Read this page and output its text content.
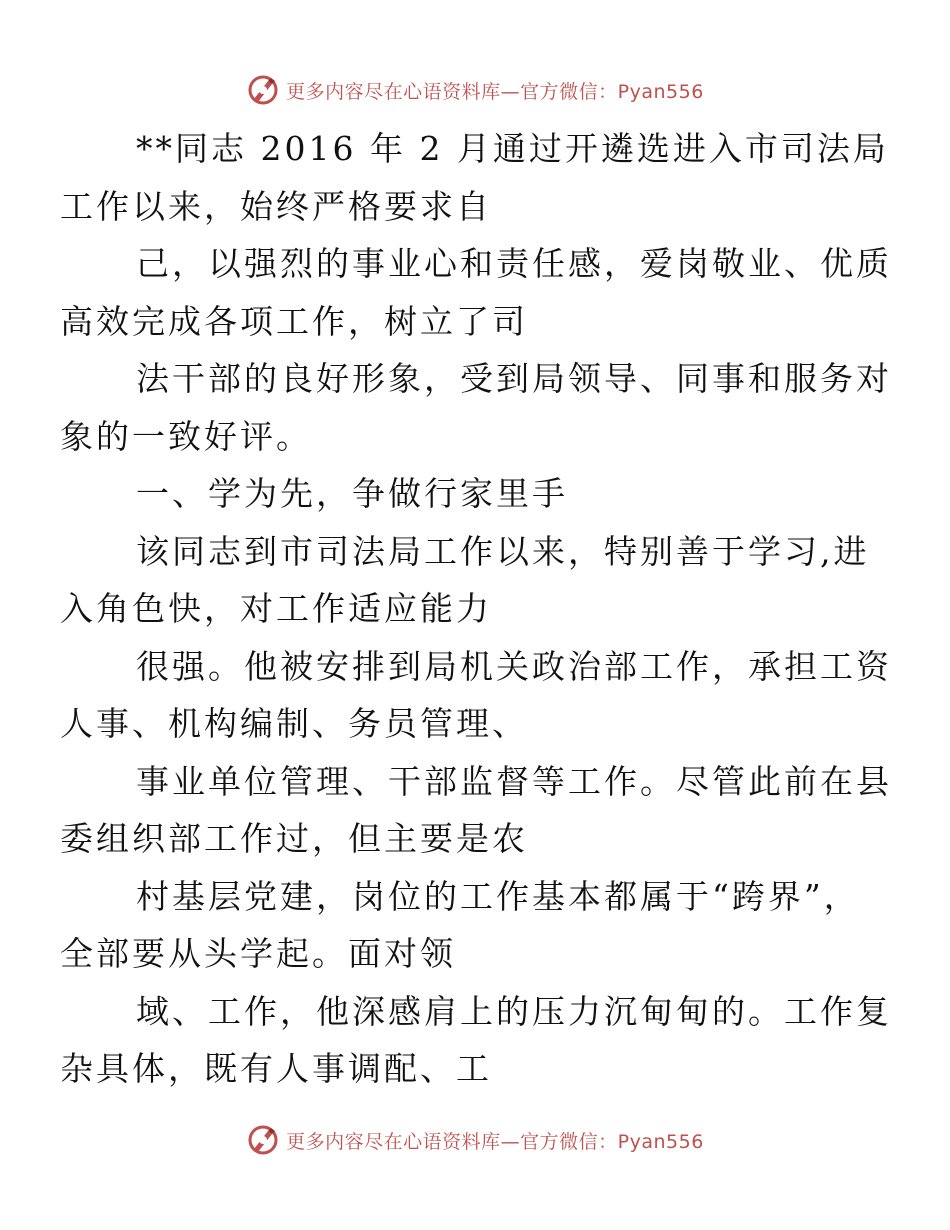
更多内容尽在心语资料库—官方微信：Pyan556

**同志 2016 年 2 月通过开遴选进入市司法局
工作以来，始终严格要求自

己，以强烈的事业心和责任感，爱岗敬业、优质
高效完成各项工作，树立了司

法干部的良好形象，受到局领导、同事和服务对
象的一致好评。

一、学为先，争做行家里手

该同志到市司法局工作以来，特别善于学习,进
入角色快，对工作适应能力

很强。他被安排到局机关政治部工作，承担工资
人事、机构编制、务员管理、

事业单位管理、干部监督等工作。尽管此前在县
委组织部工作过，但主要是农

村基层党建，岗位的工作基本都属于“跨界”，
全部要从头学起。面对领

域、工作，他深感肩上的压力沉甸甸的。工作复
杂具体，既有人事调配、工

更多内容尽在心语资料库—官方微信：Pyan556
